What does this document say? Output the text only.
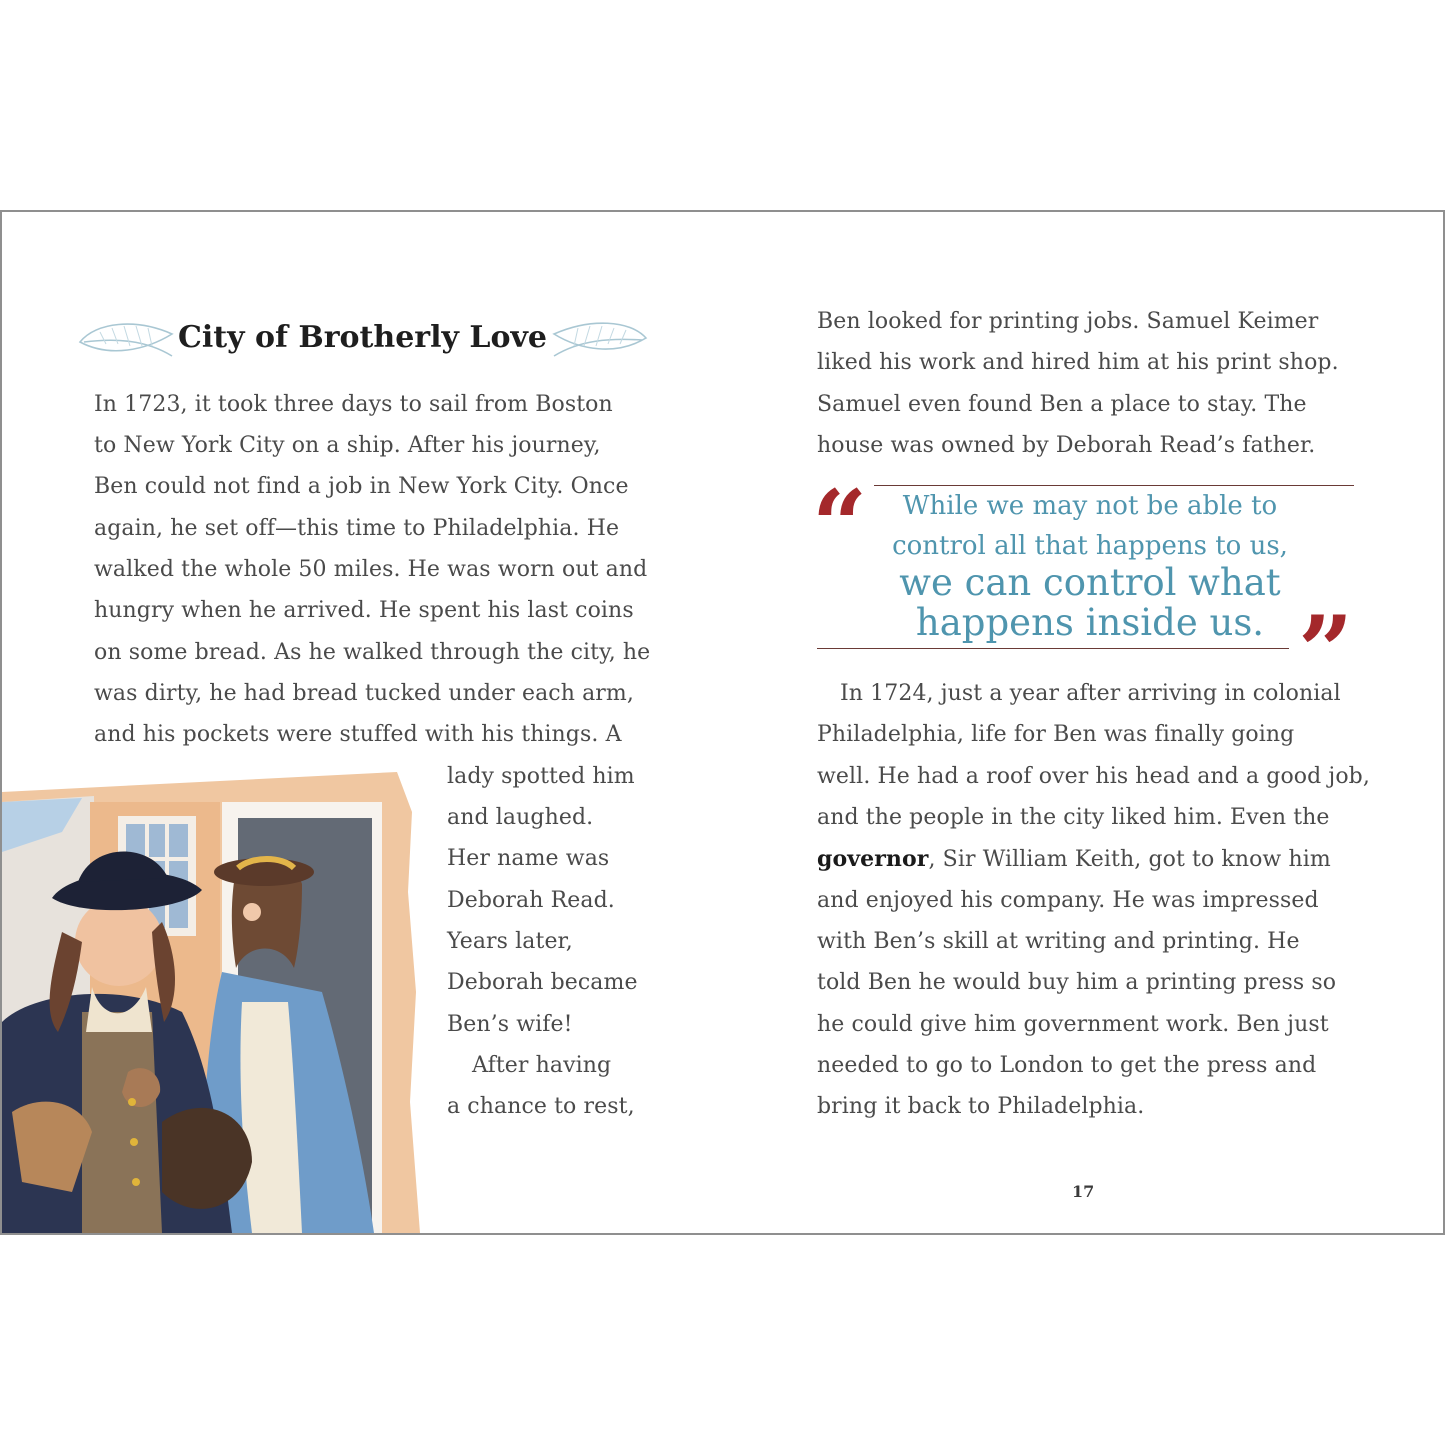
City of Brotherly Love
In 1723, it took three days to sail from Boston
to New York City on a ship. After his journey,
Ben could not find a job in New York City. Once
again, he set off—this time to Philadelphia. He
walked the whole 50 miles. He was worn out and
hungry when he arrived. He spent his last coins
on some bread. As he walked through the city, he
was dirty, he had bread tucked under each arm,
and his pockets were stuffed with his things. A
lady spotted him
and laughed.
Her name was
Deborah Read.
Years later,
Deborah became
Ben’s wife!
After having
a chance to rest,
Ben looked for printing jobs. Samuel Keimer
liked his work and hired him at his print shop.
Samuel even found Ben a place to stay. The
house was owned by Deborah Read’s father.
“	While we may not be able to
control all that happens to us,
we can control what
happens inside us. ”
In 1724, just a year after arriving in colonial
Philadelphia, life for Ben was finally going
well. He had a roof over his head and a good job,
and the people in the city liked him. Even the
governor, Sir William Keith, got to know him
and enjoyed his company. He was impressed
with Ben’s skill at writing and printing. He
told Ben he would buy him a printing press so
he could give him government work. Ben just
needed to go to London to get the press and
bring it back to Philadelphia.
17
